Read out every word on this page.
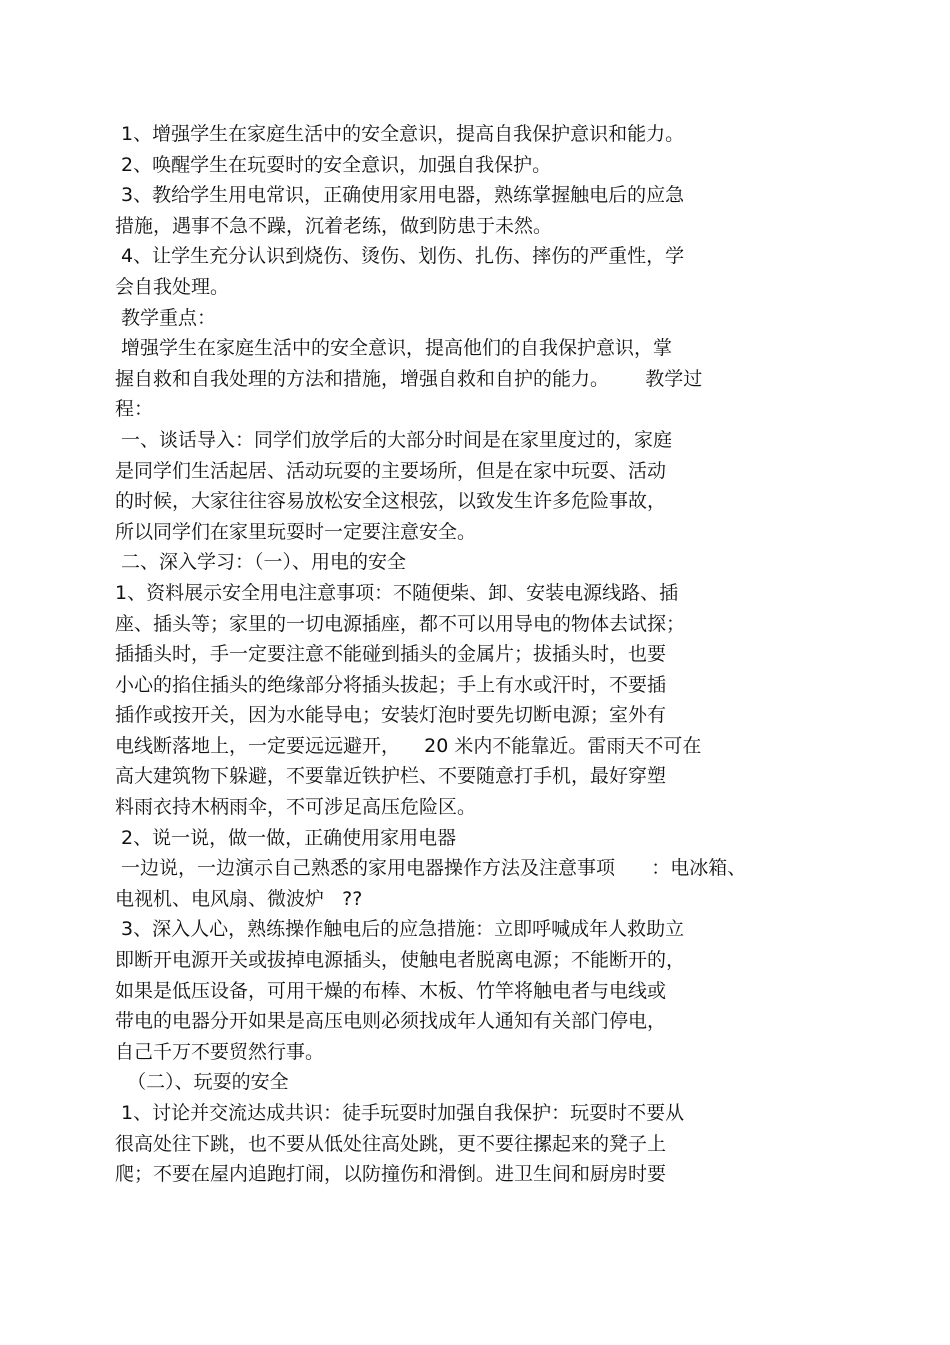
1、增强学生在家庭生活中的安全意识，提高自我保护意识和能力。
2、唤醒学生在玩耍时的安全意识，加强自我保护。
3、教给学生用电常识，正确使用家用电器，熟练掌握触电后的应急
措施，遇事不急不躁，沉着老练，做到防患于未然。
4、让学生充分认识到烧伤、烫伤、划伤、扎伤、摔伤的严重性，学
会自我处理。
教学重点：
增强学生在家庭生活中的安全意识，提高他们的自我保护意识，掌
握自救和自我处理的方法和措施，增强自救和自护的能力。      教学过
程：
一、谈话导入：同学们放学后的大部分时间是在家里度过的，家庭
是同学们生活起居、活动玩耍的主要场所，但是在家中玩耍、活动
的时候，大家往往容易放松安全这根弦，以致发生许多危险事故，
所以同学们在家里玩耍时一定要注意安全。
二、深入学习：（一）、用电的安全
1、资料展示安全用电注意事项：不随便柴、卸、安装电源线路、插
座、插头等；家里的一切电源插座，都不可以用导电的物体去试探；
插插头时，手一定要注意不能碰到插头的金属片；拔插头时，也要
小心的掐住插头的绝缘部分将插头拔起；手上有水或汗时，不要插
插作或按开关，因为水能导电；安装灯泡时要先切断电源；室外有
电线断落地上，一定要远远避开，    20 米内不能靠近。雷雨天不可在
高大建筑物下躲避，不要靠近铁护栏、不要随意打手机，最好穿塑
料雨衣持木柄雨伞，不可涉足高压危险区。
2、说一说，做一做，正确使用家用电器
一边说，一边演示自己熟悉的家用电器操作方法及注意事项      ：电冰箱、
电视机、电风扇、微波炉   ??
3、深入人心，熟练操作触电后的应急措施：立即呼喊成年人救助立
即断开电源开关或拔掉电源插头，使触电者脱离电源；不能断开的，
如果是低压设备，可用干燥的布棒、木板、竹竿将触电者与电线或
带电的电器分开如果是高压电则必须找成年人通知有关部门停电，
自己千万不要贸然行事。
（二）、玩耍的安全
1、讨论并交流达成共识：徒手玩耍时加强自我保护：玩耍时不要从
很高处往下跳，也不要从低处往高处跳，更不要往摞起来的凳子上
爬；不要在屋内追跑打闹，以防撞伤和滑倒。进卫生间和厨房时要
